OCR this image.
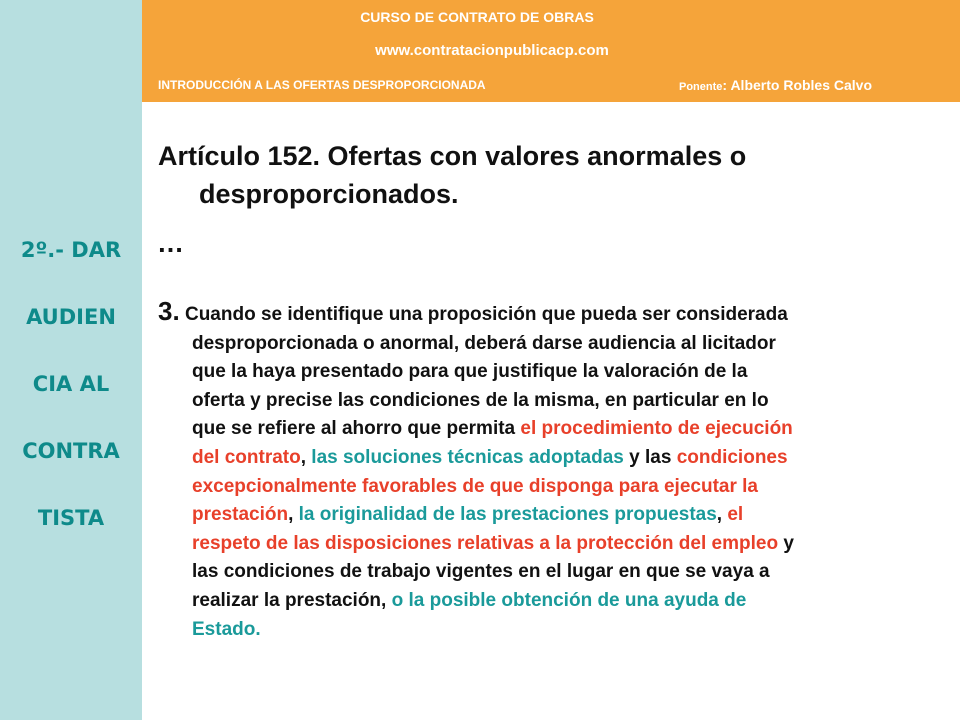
2º.- DAR
AUDIEN
CIA AL
CONTRA
TISTA
CURSO DE CONTRATO DE OBRAS
www.contratacionpublicacp.com
INTRODUCCIÓN A LAS OFERTAS DESPROPORCIONADA	Ponente: Alberto Robles Calvo
Artículo 152. Ofertas con valores anormales o
desproporcionados.
…
3. Cuando se identifique una proposición que pueda ser considerada
desproporcionada o anormal, deberá darse audiencia al licitador
que la haya presentado para que justifique la valoración de la
oferta y precise las condiciones de la misma, en particular en lo
que se refiere al ahorro que permita el procedimiento de ejecución
del contrato, las soluciones técnicas adoptadas y las condiciones
excepcionalmente favorables de que disponga para ejecutar la
prestación, la originalidad de las prestaciones propuestas, el
respeto de las disposiciones relativas a la protección del empleo y
las condiciones de trabajo vigentes en el lugar en que se vaya a
realizar la prestación, o la posible obtención de una ayuda de
Estado.
